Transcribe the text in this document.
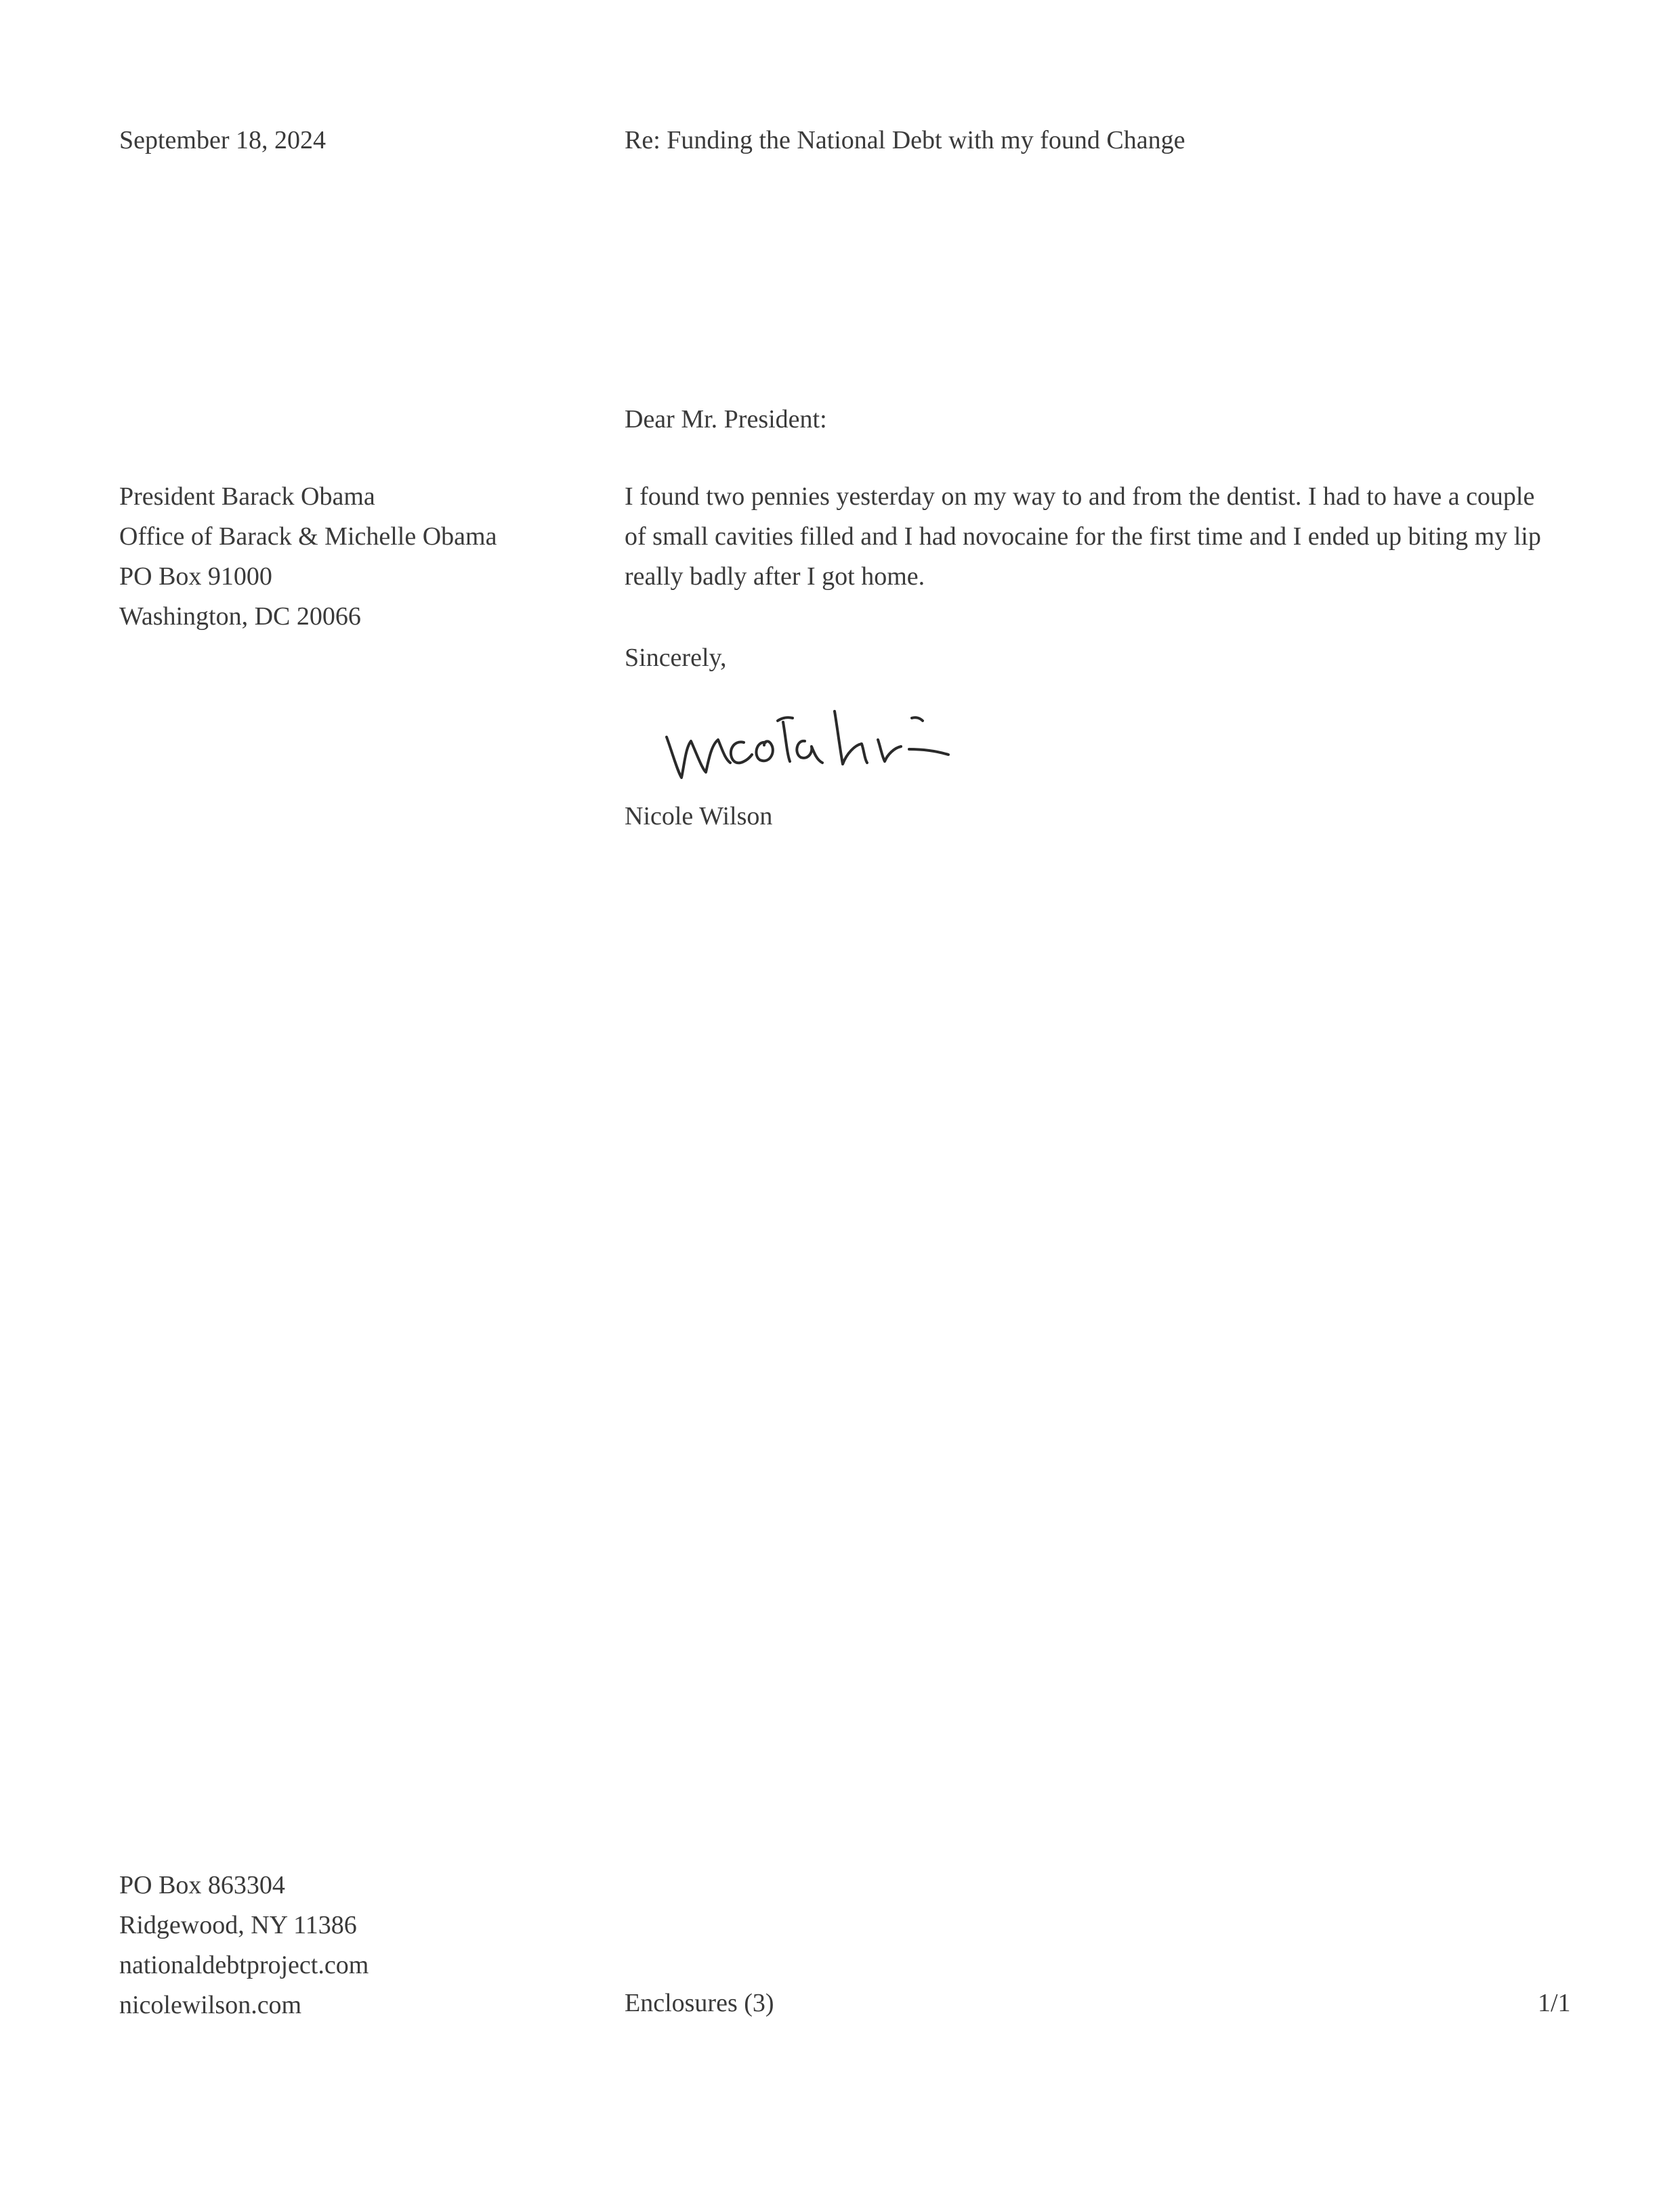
September 18, 2024	Re: Funding the National Debt with my found Change
Dear Mr. President:
President Barack Obama
Office of Barack & Michelle Obama
PO Box 91000
Washington, DC 20066
I found two pennies yesterday on my way to and from the dentist. I had to have a couple of small cavities filled and I had novocaine for the first time and I ended up biting my lip really badly after I got home.
Sincerely,
Nicole Wilson
PO Box 863304
Ridgewood, NY 11386
nationaldebtproject.com
nicolewilson.com	Enclosures (3)	1/1
